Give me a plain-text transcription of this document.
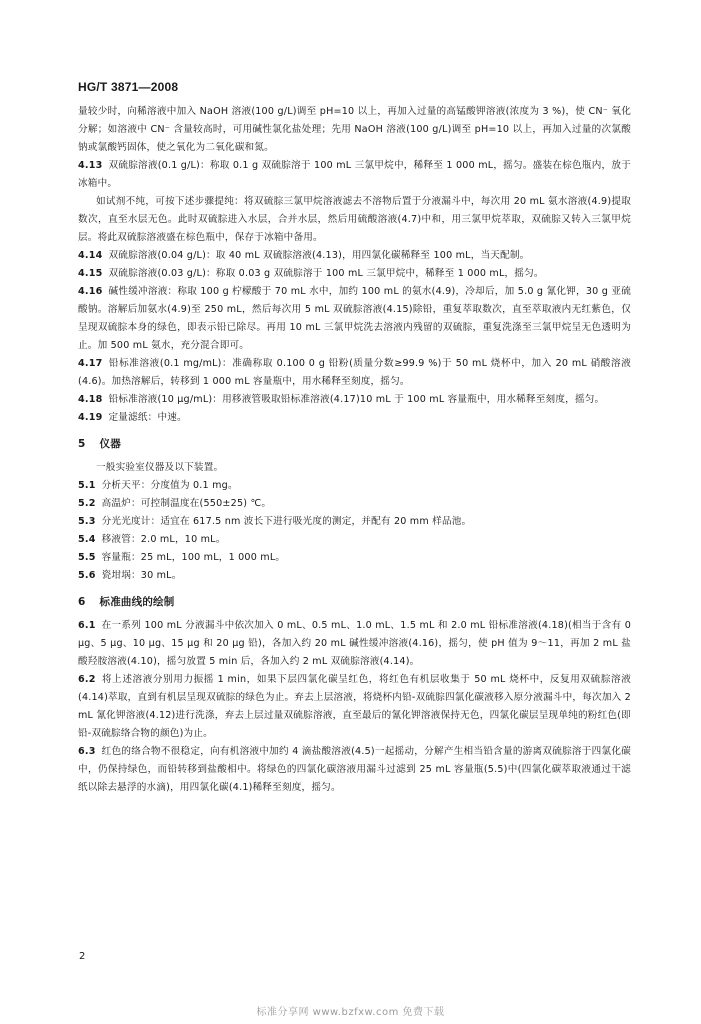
HG/T 3871—2008

量较少时，向稀溶液中加入 NaOH 溶液(100 g/L)调至 pH=10 以上，再加入过量的高锰酸钾溶液(浓度为 3 %)，使 CN⁻ 氧化分解；如溶液中 CN⁻ 含量较高时，可用碱性氯化盐处理；先用 NaOH 溶液(100 g/L)调至 pH=10 以上，再加入过量的次氯酸钠或氯酸钙固体，使之氧化为二氧化碳和氮。

4.13 双硫腙溶液(0.1 g/L)：称取 0.1 g 双硫腙溶于 100 mL 三氯甲烷中，稀释至 1 000 mL，摇匀。盛装在棕色瓶内，放于冰箱中。

如试剂不纯，可按下述步骤提纯：将双硫腙三氯甲烷溶液滤去不溶物后置于分液漏斗中，每次用 20 mL 氨水溶液(4.9)提取数次，直至水层无色。此时双硫腙进入水层，合并水层，然后用硫酸溶液(4.7)中和，用三氯甲烷萃取，双硫腙又转入三氯甲烷层。将此双硫腙溶液盛在棕色瓶中，保存于冰箱中备用。

4.14 双硫腙溶液(0.04 g/L)：取 40 mL 双硫腙溶液(4.13)，用四氯化碳稀释至 100 mL，当天配制。

4.15 双硫腙溶液(0.03 g/L)：称取 0.03 g 双硫腙溶于 100 mL 三氯甲烷中，稀释至 1 000 mL，摇匀。

4.16 碱性缓冲溶液：称取 100 g 柠檬酸于 70 mL 水中，加约 100 mL 的氨水(4.9)，冷却后，加 5.0 g 氰化钾，30 g 亚硫酸钠。溶解后加氨水(4.9)至 250 mL，然后每次用 5 mL 双硫腙溶液(4.15)除铅，重复萃取数次，直至萃取液内无红紫色，仅呈现双硫腙本身的绿色，即表示铅已除尽。再用 10 mL 三氯甲烷洗去溶液内残留的双硫腙，重复洗涤至三氯甲烷呈无色透明为止。加 500 mL 氨水，充分混合即可。

4.17 铅标准溶液(0.1 mg/mL)：准确称取 0.100 0 g 铅粉(质量分数≥99.9 %)于 50 mL 烧杯中，加入 20 mL 硝酸溶液(4.6)。加热溶解后，转移到 1 000 mL 容量瓶中，用水稀释至刻度，摇匀。

4.18 铅标准溶液(10 μg/mL)：用移液管吸取铅标准溶液(4.17)10 mL 于 100 mL 容量瓶中，用水稀释至刻度，摇匀。

4.19 定量滤纸：中速。

5 仪器

一般实验室仪器及以下装置。

5.1 分析天平：分度值为 0.1 mg。

5.2 高温炉：可控制温度在(550±25) ℃。

5.3 分光光度计：适宜在 617.5 nm 波长下进行吸光度的测定，并配有 20 mm 样品池。

5.4 移液管：2.0 mL，10 mL。

5.5 容量瓶：25 mL，100 mL，1 000 mL。

5.6 瓷坩埚：30 mL。

6 标准曲线的绘制

6.1 在一系列 100 mL 分液漏斗中依次加入 0 mL、0.5 mL、1.0 mL、1.5 mL 和 2.0 mL 铅标准溶液(4.18)(相当于含有 0 μg、5 μg、10 μg、15 μg 和 20 μg 铅)，各加入约 20 mL 碱性缓冲溶液(4.16)，摇匀，使 pH 值为 9～11，再加 2 mL 盐酸羟胺溶液(4.10)，摇匀放置 5 min 后，各加入约 2 mL 双硫腙溶液(4.14)。

6.2 将上述溶液分别用力振摇 1 min，如果下层四氯化碳呈红色，将红色有机层收集于 50 mL 烧杯中，反复用双硫腙溶液(4.14)萃取，直到有机层呈现双硫腙的绿色为止。弃去上层溶液，将烧杯内铅-双硫腙四氯化碳液移入原分液漏斗中，每次加入 2 mL 氰化钾溶液(4.12)进行洗涤，弃去上层过量双硫腙溶液，直至最后的氰化钾溶液保持无色，四氯化碳层呈现单纯的粉红色(即铅-双硫腙络合物的颜色)为止。

6.3 红色的络合物不很稳定，向有机溶液中加约 4 滴盐酸溶液(4.5)一起摇动，分解产生相当铅含量的游离双硫腙溶于四氯化碳中，仍保持绿色，而铅转移到盐酸相中。将绿色的四氯化碳溶液用漏斗过滤到 25 mL 容量瓶(5.5)中(四氯化碳萃取液通过干滤纸以除去悬浮的水滴)，用四氯化碳(4.1)稀释至刻度，摇匀。

2
标准分享网 www.bzfxw.com 免费下载
